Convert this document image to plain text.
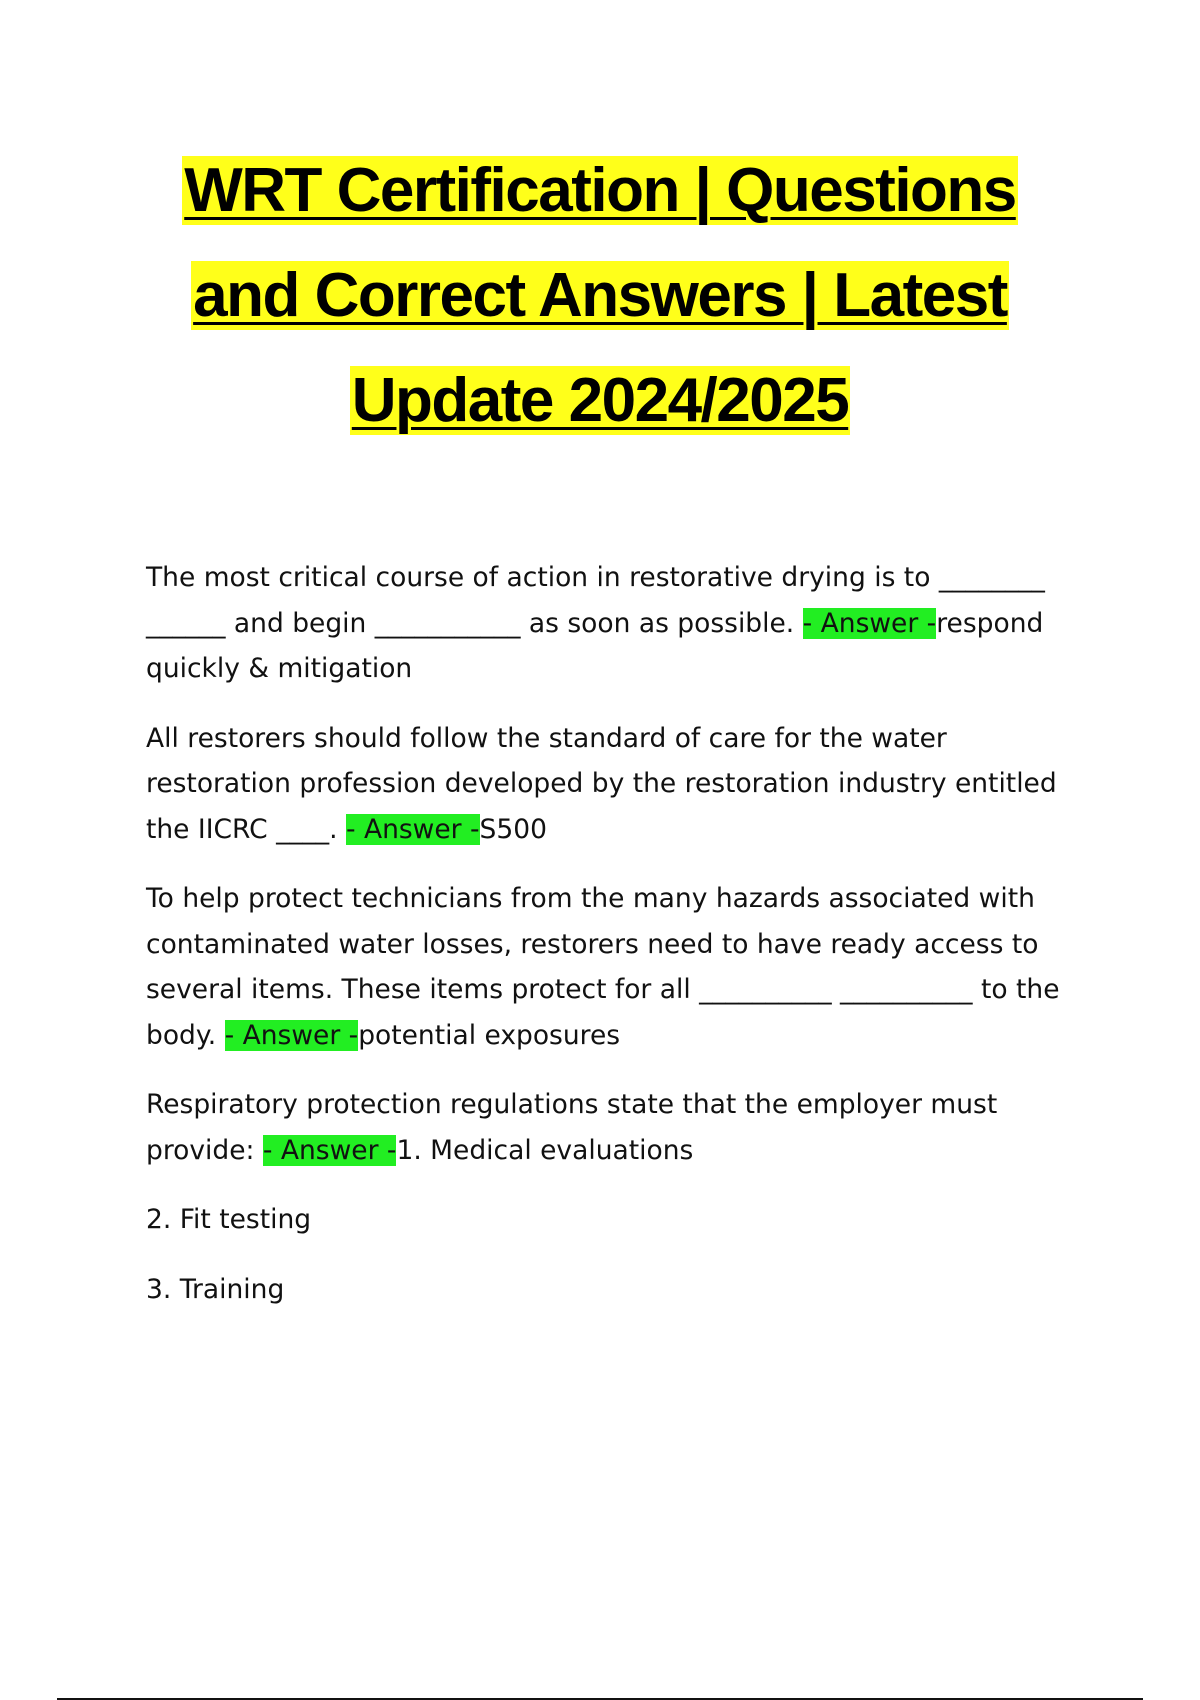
WRT Certification | Questions
and Correct Answers | Latest
Update 2024/2025

The most critical course of action in restorative drying is to ________ ______ and begin ___________ as soon as possible. - Answer -respond quickly & mitigation

All restorers should follow the standard of care for the water restoration profession developed by the restoration industry entitled the IICRC ____. - Answer -S500

To help protect technicians from the many hazards associated with contaminated water losses, restorers need to have ready access to several items. These items protect for all __________ __________ to the body. - Answer -potential exposures

Respiratory protection regulations state that the employer must provide: - Answer -1. Medical evaluations

2. Fit testing

3. Training
